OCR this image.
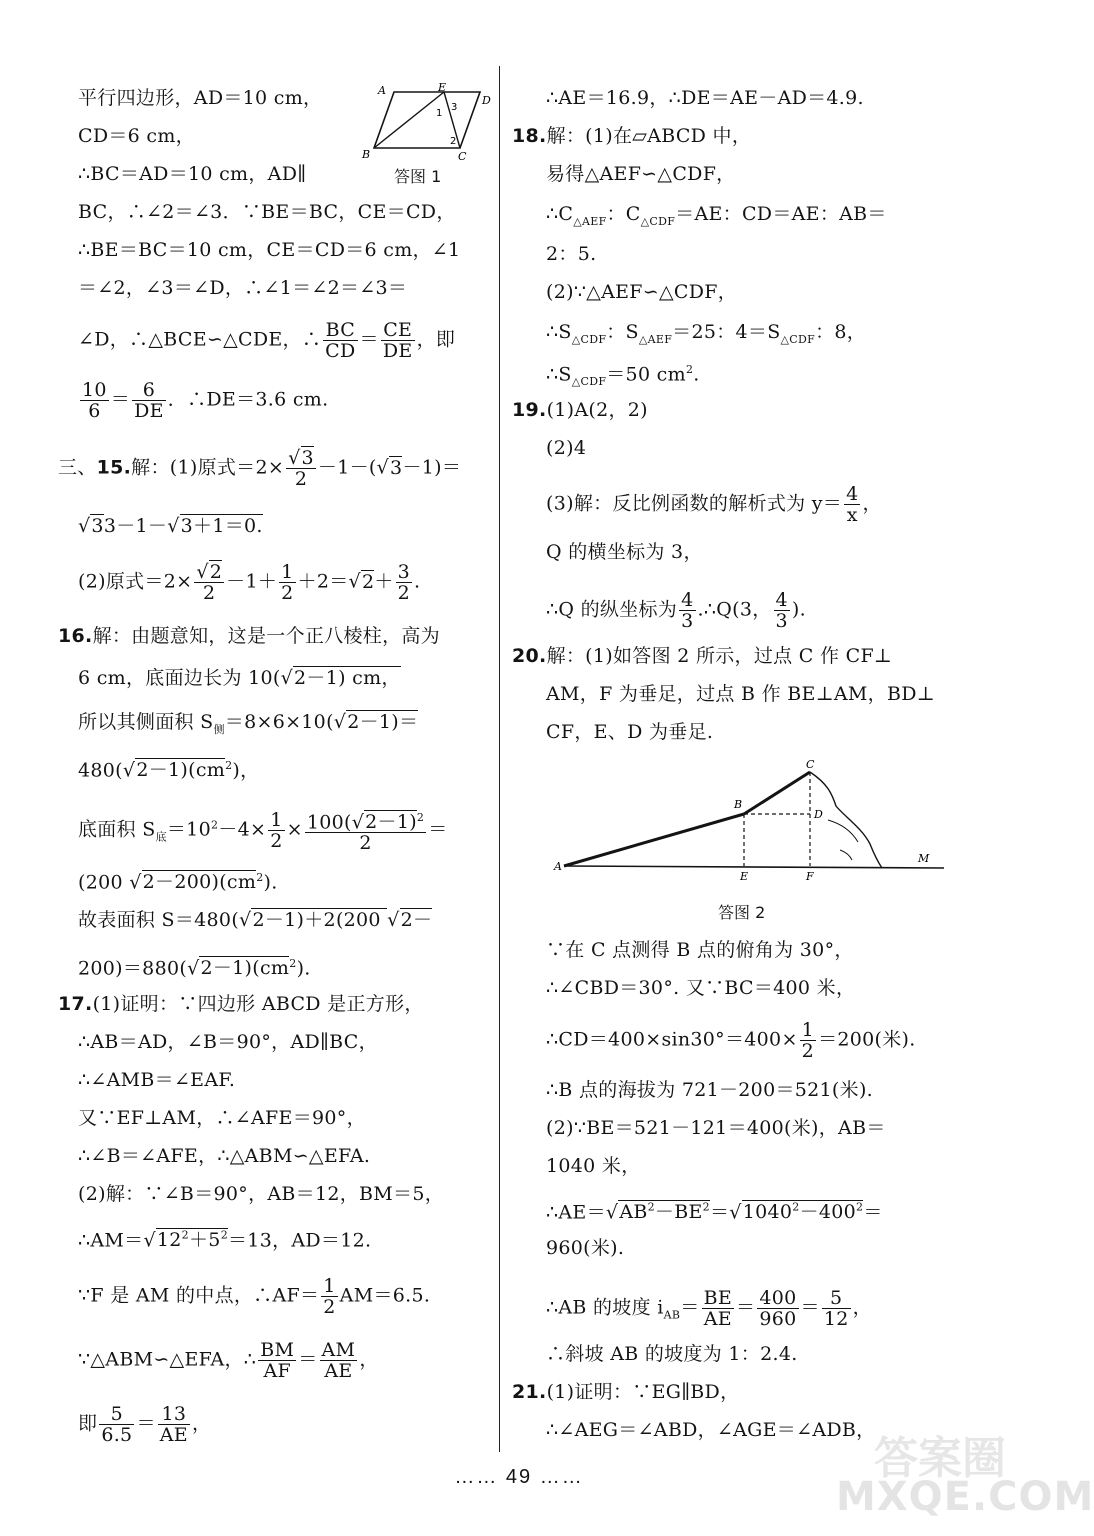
平行四边形，AD＝10 cm，
CD＝6 cm，
∴BC＝AD＝10 cm，AD∥
BC，∴∠2＝∠3．∵BE＝BC，CE＝CD，
∴BE＝BC＝10 cm，CE＝CD＝6 cm，∠1
＝∠2，∠3＝∠D，∴∠1＝∠2＝∠3＝
∠D，∴△BCE∽△CDE，∴ $\frac{BC}{CD} = \frac{CE}{DE}$ ，即
$\frac{10}{6} = \frac{6}{DE}$ ．∴DE＝3.6 cm.
三、15.解：(1)原式$=2\times \frac{√3}{2} -1-(√3-1)=$
√33－1－√3＋1＝0.
(2)原式$=2\times \frac{√2}{2} -1+ \frac{1}{2} +2=√2+ \frac{3}{2}$ .
16.解：由题意知，这是一个正八棱柱，高为
6 cm，底面边长为 10(√2－1) cm，
所以其侧面积 $S_侧=8\times 6\times 10(√2-1)=$
$480(√2-1)(cm^2)$，
底面积 $S_底=10^2-4\times \frac{1}{2} \times \frac{100(√2-1)^2}{2}$ ＝
(200 $√2-200)(cm^2)$.
故表面积 S＝480(√2－1)＋2(200 √2－
$200)=880(√2-1)(cm^2)$.
17.(1)证明：∵四边形 ABCD 是正方形，
∴AB＝AD，∠B＝90°，AD∥BC，
∴∠AMB＝∠EAF.
又∵EF⊥AM，∴∠AFE＝90°，
∴∠B＝∠AFE，∴△ABM∽△EFA.
(2)解：∵∠B＝90°，AB＝12，BM＝5，
$\therefore AM=√12^2+5^2=13$，AD＝12.
∵F 是 AM 的中点，∴AF＝ $\frac{1}{2} AM=6.5$.
∵△ABM∽△EFA，∴ $\frac{BM}{AF} = \frac{AM}{AE}$ ，
即 $\frac{5}{6.5} = \frac{13}{AE}$ ，
A
B	C
D
E
1
2
3
答图 1
∴AE＝16.9，∴DE＝AE－AD＝4.9.
18.解：(1)在▱ABCD 中，
易得△AEF∽△CDF，
$\therefore C_{\triangle AEF}$：$C_{\triangle CDF}=AE$：CD＝AE：AB＝
2：5.
(2)∵△AEF∽△CDF，
$\therefore S_{\triangle CDF}$：$S_{\triangle AEF}=25$：$4=S_{\triangle CDF}$：8，
$\therefore S_{\triangle CDF}=50$ $cm^2$.
19.(1)A(2，2)
(2)4
(3)解：反比例函数的解析式为 $y= \frac{4}{x}$ ，
Q 的横坐标为 3，
∴Q 的纵坐标为 $\frac{4}{3}$ .∴Q(3， $\frac{4}{3}$ ).
20.解：(1)如答图 2 所示，过点 C 作 CF⊥
AM，F 为垂足，过点 B 作 BE⊥AM，BD⊥
CF，E、D 为垂足.
∵在 C 点测得 B 点的俯角为 30°，
∴∠CBD＝30°. 又∵BC＝400 米，
∴CD＝400×sin30°＝400× $\frac{1}{2} =200$(米).
∴B 点的海拔为 721－200＝521(米).
(2)∵BE＝521－121＝400(米)，AB＝
1040 米，
$\therefore AE=√AB^2-BE^2=√1040^2-400^2=$
960(米).
∴AB 的坡度 $i_{AB}= \frac{BE}{AE} = \frac{400}{960} = \frac{5}{12}$ ，
∴斜坡 AB 的坡度为 1：2.4.
21.(1)证明：∵EG∥BD，
∴∠AEG＝∠ABD，∠AGE＝∠ADB，
A
B
C
D
E	F
M
答图 2
…… 49 ……	答案圈
MXQE.COM
